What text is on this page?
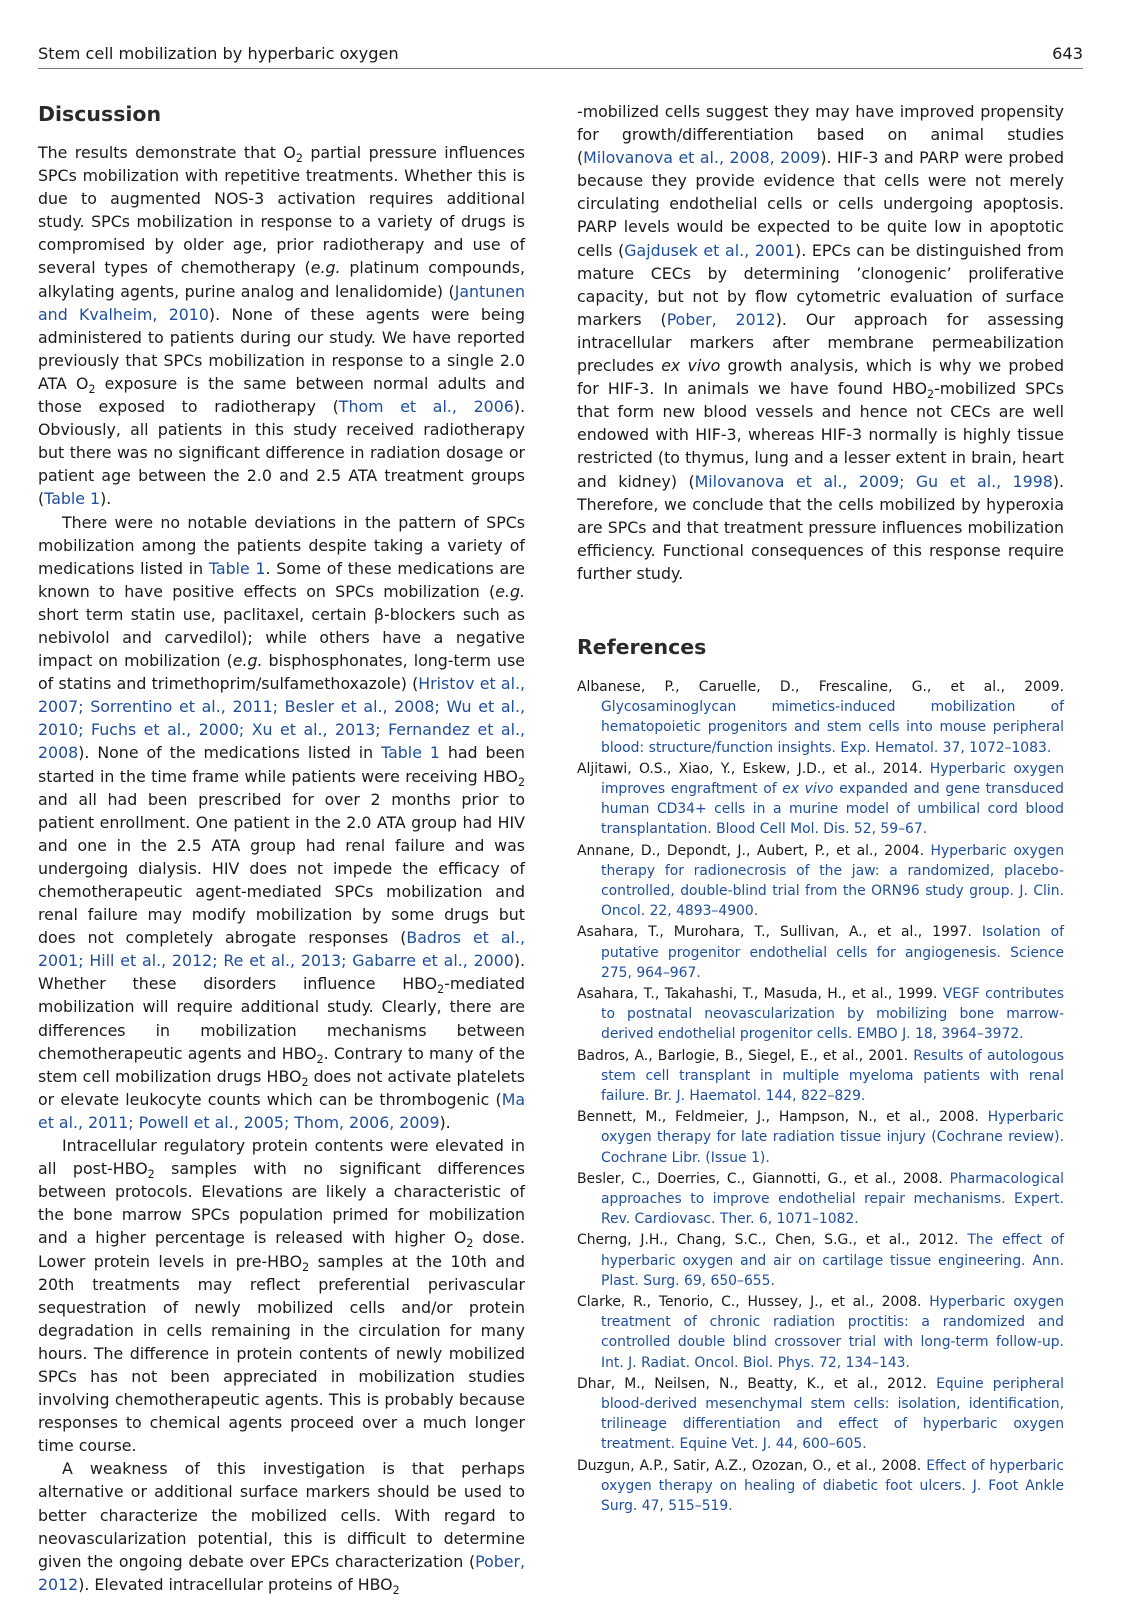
Stem cell mobilization by hyperbaric oxygen	643
Discussion

The results demonstrate that $O_2$ partial pressure influences SPCs mobilization with repetitive treatments. Whether this is due to augmented NOS-3 activation requires additional study. SPCs mobilization in response to a variety of drugs is compromised by older age, prior radiotherapy and use of several types of chemotherapy (e.g. platinum compounds, alkylating agents, purine analog and lenalidomide) (Jantunen and Kvalheim, 2010). None of these agents were being administered to patients during our study. We have reported previously that SPCs mobilization in response to a single 2.0 ATA $O_2$ exposure is the same between normal adults and those exposed to radiotherapy (Thom et al., 2006). Obviously, all patients in this study received radiotherapy but there was no significant difference in radiation dosage or patient age between the 2.0 and 2.5 ATA treatment groups (Table 1).

There were no notable deviations in the pattern of SPCs mobilization among the patients despite taking a variety of medications listed in Table 1. Some of these medications are known to have positive effects on SPCs mobilization (e.g. short term statin use, paclitaxel, certain β-blockers such as nebivolol and carvedilol); while others have a negative impact on mobilization (e.g. bisphosphonates, long-term use of statins and trimethoprim/sulfamethoxazole) (Hristov et al., 2007; Sorrentino et al., 2011; Besler et al., 2008; Wu et al., 2010; Fuchs et al., 2000; Xu et al., 2013; Fernandez et al., 2008). None of the medications listed in Table 1 had been started in the time frame while patients were receiving $HBO_2$ and all had been prescribed for over 2 months prior to patient enrollment. One patient in the 2.0 ATA group had HIV and one in the 2.5 ATA group had renal failure and was undergoing dialysis. HIV does not impede the efficacy of chemotherapeutic agent-mediated SPCs mobilization and renal failure may modify mobilization by some drugs but does not completely abrogate responses (Badros et al., 2001; Hill et al., 2012; Re et al., 2013; Gabarre et al., 2000). Whether these disorders influence $HBO_2$-mediated mobilization will require additional study. Clearly, there are differences in mobilization mechanisms between chemotherapeutic agents and $HBO_2$. Contrary to many of the stem cell mobilization drugs $HBO_2$ does not activate platelets or elevate leukocyte counts which can be thrombogenic (Ma et al., 2011; Powell et al., 2005; Thom, 2006, 2009).

Intracellular regulatory protein contents were elevated in all post-$HBO_2$ samples with no significant differences between protocols. Elevations are likely a characteristic of the bone marrow SPCs population primed for mobilization and a higher percentage is released with higher $O_2$ dose. Lower protein levels in pre-$HBO_2$ samples at the 10th and 20th treatments may reflect preferential perivascular sequestration of newly mobilized cells and/or protein degradation in cells remaining in the circulation for many hours. The difference in protein contents of newly mobilized SPCs has not been appreciated in mobilization studies involving chemotherapeutic agents. This is probably because responses to chemical agents proceed over a much longer time course.

A weakness of this investigation is that perhaps alternative or additional surface markers should be used to better characterize the mobilized cells. With regard to neovascularization potential, this is difficult to determine given the ongoing debate over EPCs characterization (Pober, 2012). Elevated intracellular proteins of $HBO_2$

-mobilized cells suggest they may have improved propensity for growth/differentiation based on animal studies (Milovanova et al., 2008, 2009). HIF-3 and PARP were probed because they provide evidence that cells were not merely circulating endothelial cells or cells undergoing apoptosis. PARP levels would be expected to be quite low in apoptotic cells (Gajdusek et al., 2001). EPCs can be distinguished from mature CECs by determining ’clonogenic’ proliferative capacity, but not by flow cytometric evaluation of surface markers (Pober, 2012). Our approach for assessing intracellular markers after membrane permeabilization precludes ex vivo growth analysis, which is why we probed for HIF-3. In animals we have found $HBO_2$-mobilized SPCs that form new blood vessels and hence not CECs are well endowed with HIF-3, whereas HIF-3 normally is highly tissue restricted (to thymus, lung and a lesser extent in brain, heart and kidney) (Milovanova et al., 2009; Gu et al., 1998). Therefore, we conclude that the cells mobilized by hyperoxia are SPCs and that treatment pressure influences mobilization efficiency. Functional consequences of this response require further study.

References

Albanese, P., Caruelle, D., Frescaline, G., et al., 2009. Glycosaminoglycan mimetics-induced mobilization of hematopoietic progenitors and stem cells into mouse peripheral blood: structure/function insights. Exp. Hematol. 37, 1072–1083.

Aljitawi, O.S., Xiao, Y., Eskew, J.D., et al., 2014. Hyperbaric oxygen improves engraftment of ex vivo expanded and gene transduced human CD34+ cells in a murine model of umbilical cord blood transplantation. Blood Cell Mol. Dis. 52, 59–67.

Annane, D., Depondt, J., Aubert, P., et al., 2004. Hyperbaric oxygen therapy for radionecrosis of the jaw: a randomized, placebo-controlled, double-blind trial from the ORN96 study group. J. Clin. Oncol. 22, 4893–4900.

Asahara, T., Murohara, T., Sullivan, A., et al., 1997. Isolation of putative progenitor endothelial cells for angiogenesis. Science 275, 964–967.

Asahara, T., Takahashi, T., Masuda, H., et al., 1999. VEGF contributes to postnatal neovascularization by mobilizing bone marrow-derived endothelial progenitor cells. EMBO J. 18, 3964–3972.

Badros, A., Barlogie, B., Siegel, E., et al., 2001. Results of autologous stem cell transplant in multiple myeloma patients with renal failure. Br. J. Haematol. 144, 822–829.

Bennett, M., Feldmeier, J., Hampson, N., et al., 2008. Hyperbaric oxygen therapy for late radiation tissue injury (Cochrane review). Cochrane Libr. (Issue 1).

Besler, C., Doerries, C., Giannotti, G., et al., 2008. Pharmacological approaches to improve endothelial repair mechanisms. Expert. Rev. Cardiovasc. Ther. 6, 1071–1082.

Cherng, J.H., Chang, S.C., Chen, S.G., et al., 2012. The effect of hyperbaric oxygen and air on cartilage tissue engineering. Ann. Plast. Surg. 69, 650–655.

Clarke, R., Tenorio, C., Hussey, J., et al., 2008. Hyperbaric oxygen treatment of chronic radiation proctitis: a randomized and controlled double blind crossover trial with long-term follow-up. Int. J. Radiat. Oncol. Biol. Phys. 72, 134–143.

Dhar, M., Neilsen, N., Beatty, K., et al., 2012. Equine peripheral blood-derived mesenchymal stem cells: isolation, identification, trilineage differentiation and effect of hyperbaric oxygen treatment. Equine Vet. J. 44, 600–605.

Duzgun, A.P., Satir, A.Z., Ozozan, O., et al., 2008. Effect of hyperbaric oxygen therapy on healing of diabetic foot ulcers. J. Foot Ankle Surg. 47, 515–519.
